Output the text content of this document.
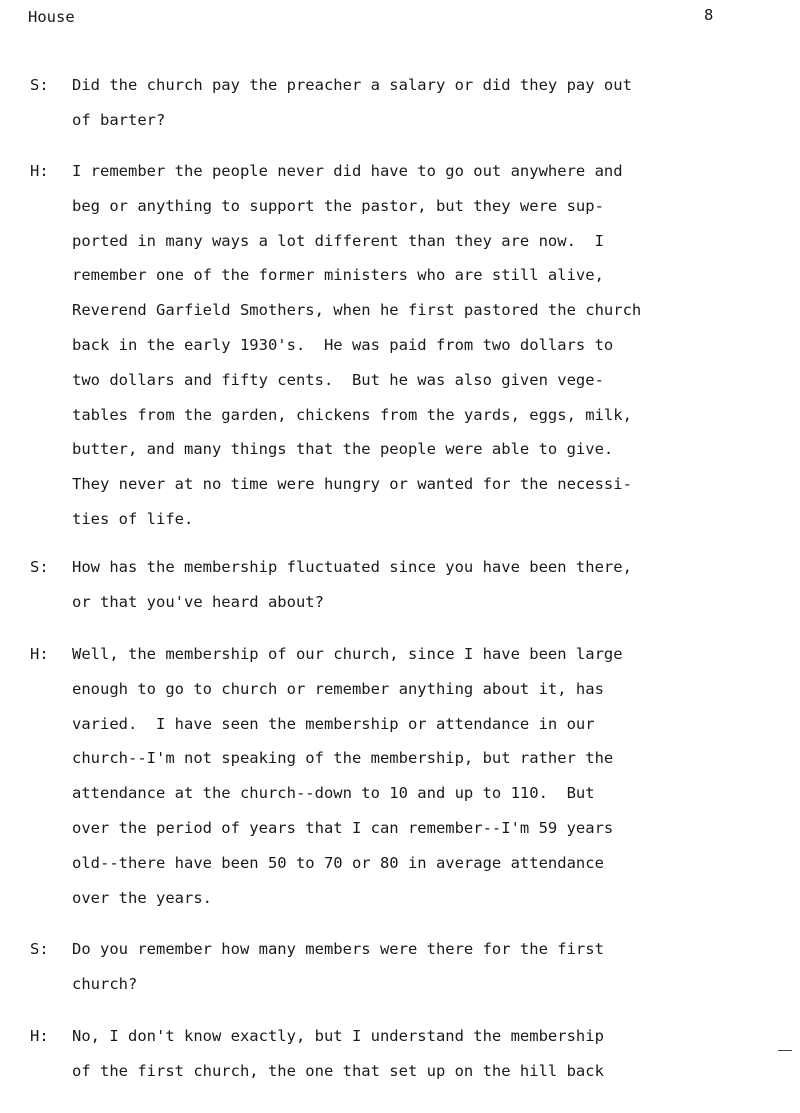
House	8
S: Did the church pay the preacher a salary or did they pay out
of barter?
H: I remember the people never did have to go out anywhere and
beg or anything to support the pastor, but they were sup-
ported in many ways a lot different than they are now.  I
remember one of the former ministers who are still alive,
Reverend Garfield Smothers, when he first pastored the church
back in the early 1930's.  He was paid from two dollars to
two dollars and fifty cents.  But he was also given vege-
tables from the garden, chickens from the yards, eggs, milk,
butter, and many things that the people were able to give.
They never at no time were hungry or wanted for the necessi-
ties of life.
S: How has the membership fluctuated since you have been there,
or that you've heard about?
H: Well, the membership of our church, since I have been large
enough to go to church or remember anything about it, has
varied.  I have seen the membership or attendance in our
church--I'm not speaking of the membership, but rather the
attendance at the church--down to 10 and up to 110.  But
over the period of years that I can remember--I'm 59 years
old--there have been 50 to 70 or 80 in average attendance
over the years.
S: Do you remember how many members were there for the first
church?
H: No, I don't know exactly, but I understand the membership
of the first church, the one that set up on the hill back
